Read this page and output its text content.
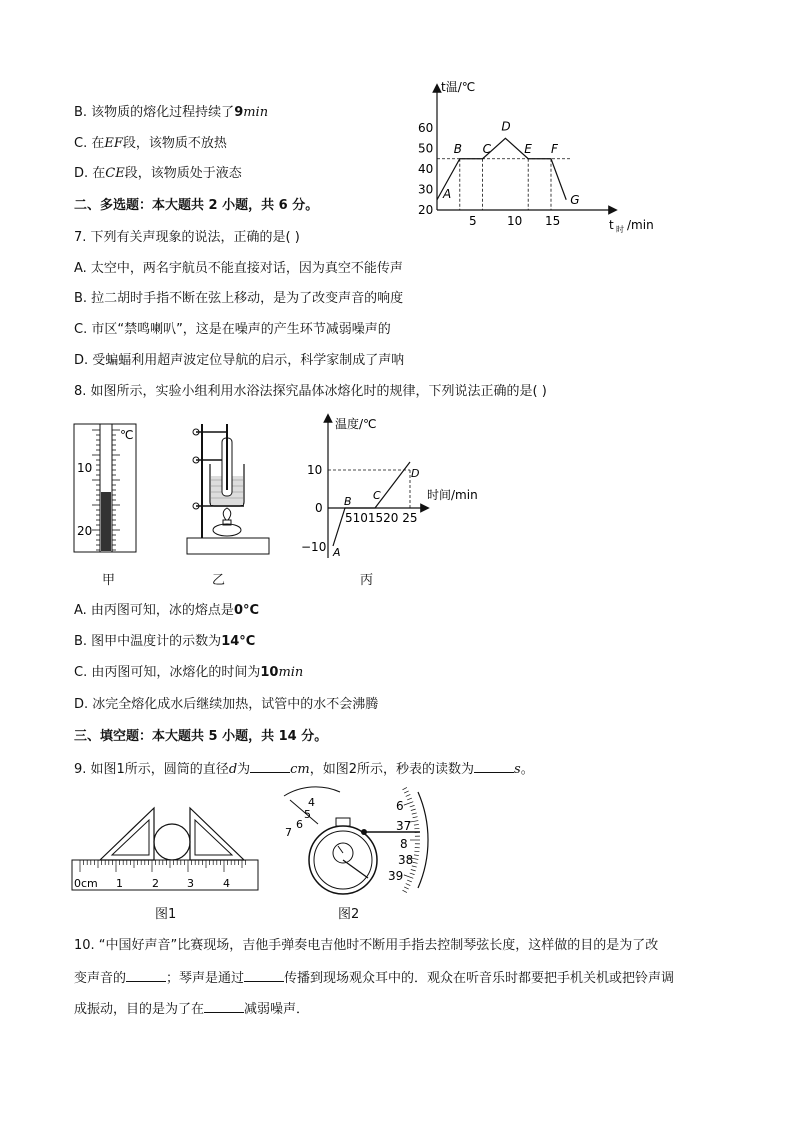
B. 该物质的熔化过程持续了9min
C. 在EF段，该物质不放热
D. 在CE段，该物质处于液态
二、多选题：本大题共 2 小题，共 6 分。
t温/℃
t 时 /min
20
30
40
50
60
5	10 15
A
B C
D
E F
G
7. 下列有关声现象的说法，正确的是( )
A. 太空中，两名宇航员不能直接对话，因为真空不能传声
B. 拉二胡时手指不断在弦上移动，是为了改变声音的响度
C. 市区“禁鸣喇叭”，这是在噪声的产生环节减弱噪声的
D. 受蝙蝠利用超声波定位导航的启示，科学家制成了声呐
8. 如图所示，实验小组利用水浴法探究晶体冰熔化时的规律，下列说法正确的是( )
℃
10
20
甲	乙
温度/℃
时间/min
10
0
−10
5101520 25
A
B C
D
丙
A. 由丙图可知，冰的熔点是0°C
B. 图甲中温度计的示数为14°C
C. 由丙图可知，冰熔化的时间为10min
D. 冰完全熔化成水后继续加热，试管中的水不会沸腾
三、填空题：本大题共 5 小题，共 14 分。
9. 如图1所示，圆筒的直径d为	cm，如图2所示，秒表的读数为	s。
0cm 1	2	3	4
图1
4
5
6
7
6
37
8
38
39
图2
10. “中国好声音”比赛现场，吉他手弹奏电吉他时不断用手指去控制琴弦长度，这样做的目的是为了改
变声音的	；琴声是通过	传播到现场观众耳中的．观众在听音乐时都要把手机关机或把铃声调
成振动，目的是为了在	减弱噪声．
